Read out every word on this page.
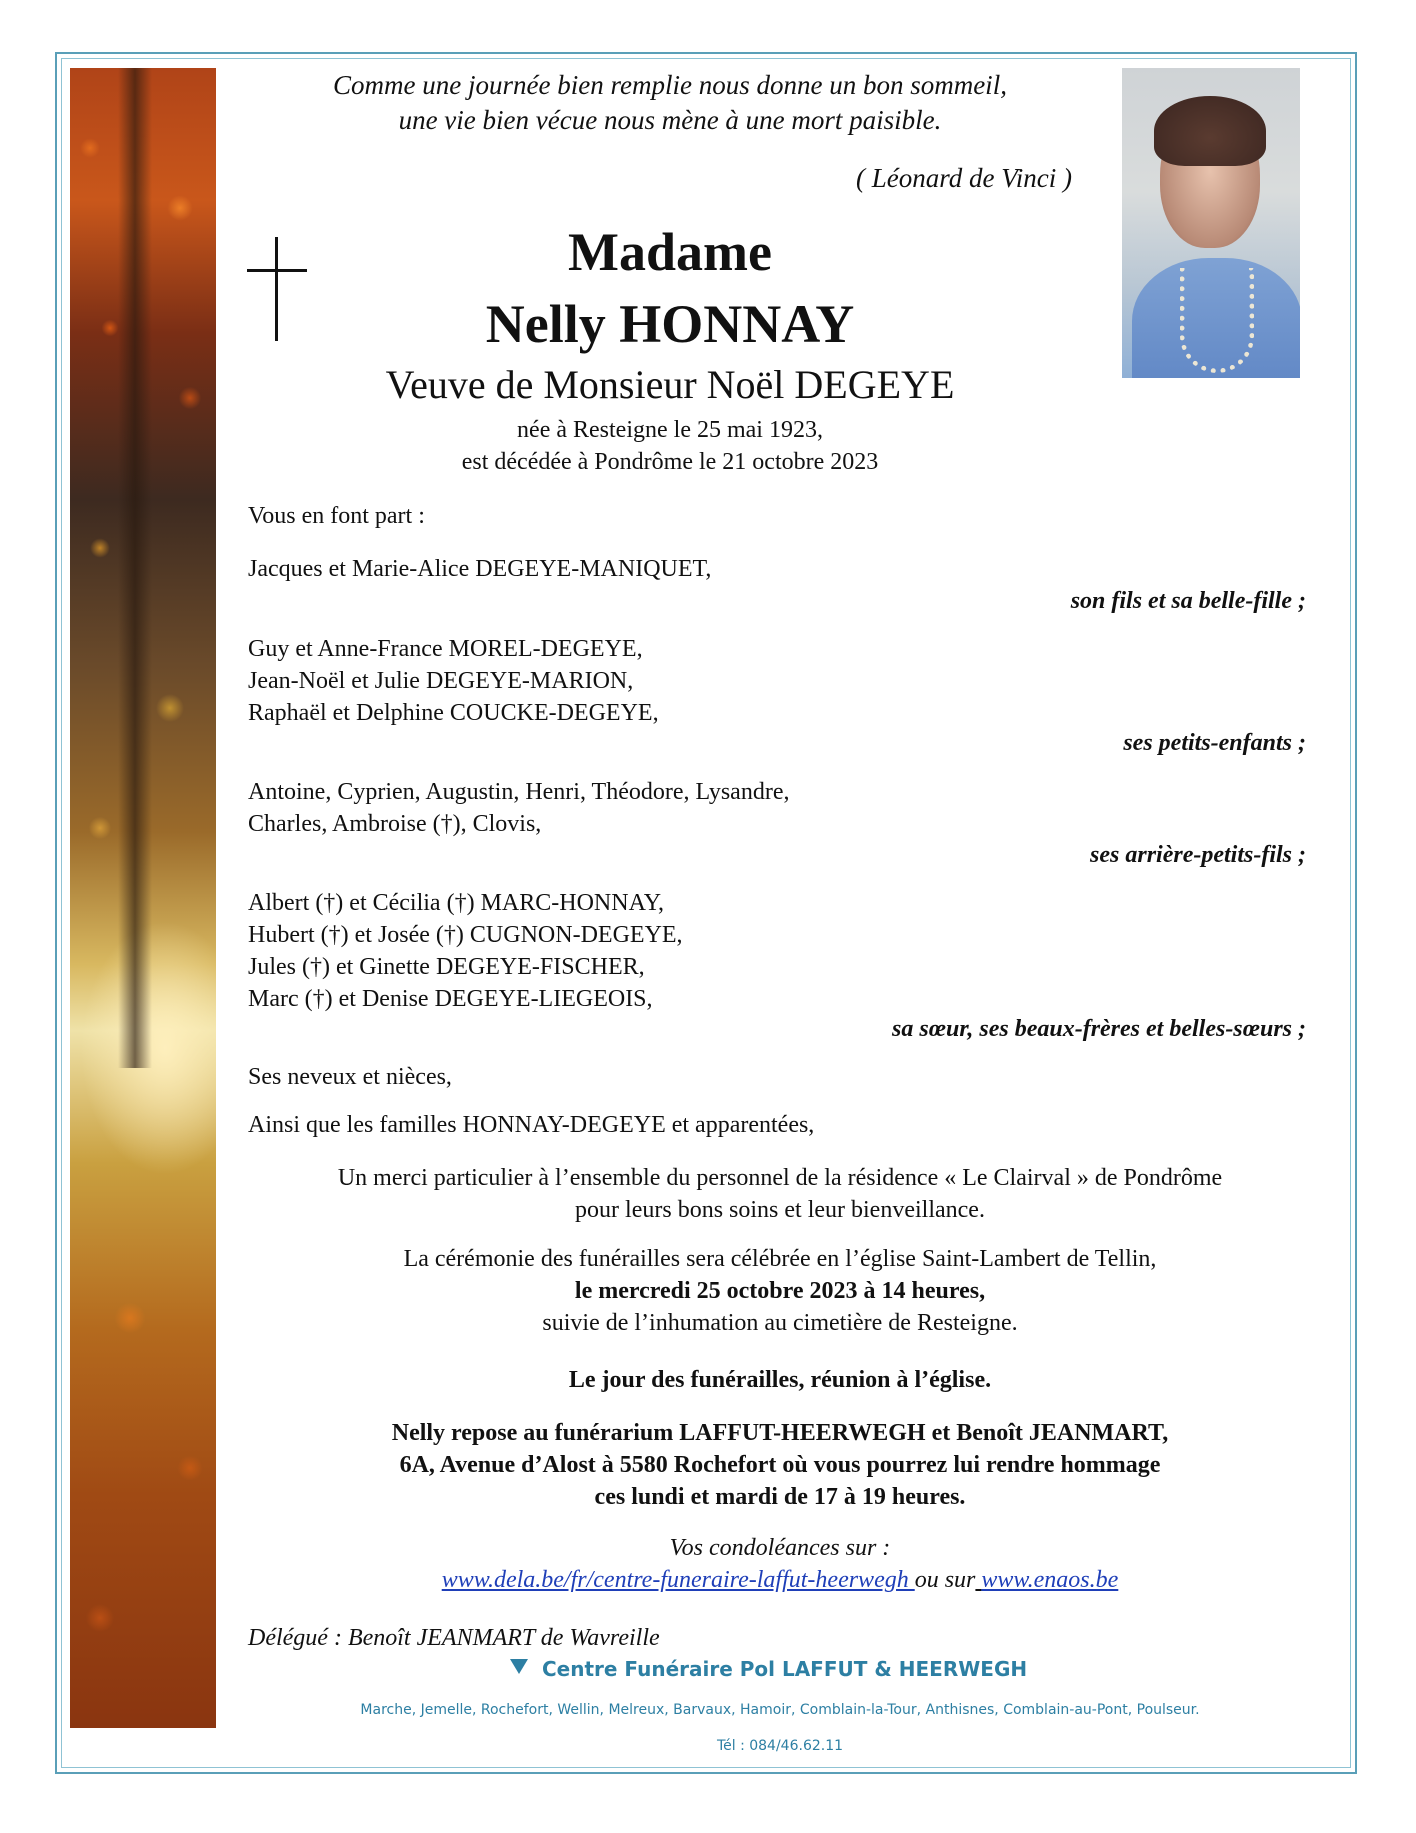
Comme une journée bien remplie nous donne un bon sommeil,
une vie bien vécue nous mène à une mort paisible.
( Léonard de Vinci )
Madame
Nelly HONNAY
Veuve de Monsieur Noël DEGEYE
née à Resteigne le 25 mai 1923,
est décédée à Pondrôme le 21 octobre 2023
Vous en font part :
Jacques et Marie-Alice DEGEYE-MANIQUET,
son fils et sa belle-fille ;
Guy et Anne-France MOREL-DEGEYE,
Jean-Noël et Julie DEGEYE-MARION,
Raphaël et Delphine COUCKE-DEGEYE,
ses petits-enfants ;
Antoine, Cyprien, Augustin, Henri, Théodore, Lysandre,
Charles, Ambroise (†), Clovis,
ses arrière-petits-fils ;
Albert (†) et Cécilia (†) MARC-HONNAY,
Hubert (†) et Josée (†) CUGNON-DEGEYE,
Jules (†) et Ginette DEGEYE-FISCHER,
Marc (†) et Denise DEGEYE-LIEGEOIS,
sa sœur, ses beaux-frères et belles-sœurs ;
Ses neveux et nièces,
Ainsi que les familles HONNAY-DEGEYE et apparentées,
Un merci particulier à l’ensemble du personnel de la résidence « Le Clairval » de Pondrôme
pour leurs bons soins et leur bienveillance.
La cérémonie des funérailles sera célébrée en l’église Saint-Lambert de Tellin,
le mercredi 25 octobre 2023 à 14 heures,
suivie de l’inhumation au cimetière de Resteigne.
Le jour des funérailles, réunion à l’église.
Nelly repose au funérarium LAFFUT-HEERWEGH et Benoît JEANMART,
6A, Avenue d’Alost à 5580 Rochefort où vous pourrez lui rendre hommage
ces lundi et mardi de 17 à 19 heures.
Vos condoléances sur :
www.dela.be/fr/centre-funeraire-laffut-heerwegh ou sur www.enaos.be
Délégué : Benoît JEANMART de Wavreille
Centre Funéraire Pol LAFFUT & HEERWEGH
Marche, Jemelle, Rochefort, Wellin, Melreux, Barvaux, Hamoir, Comblain-la-Tour, Anthisnes, Comblain-au-Pont, Poulseur.
Tél : 084/46.62.11
